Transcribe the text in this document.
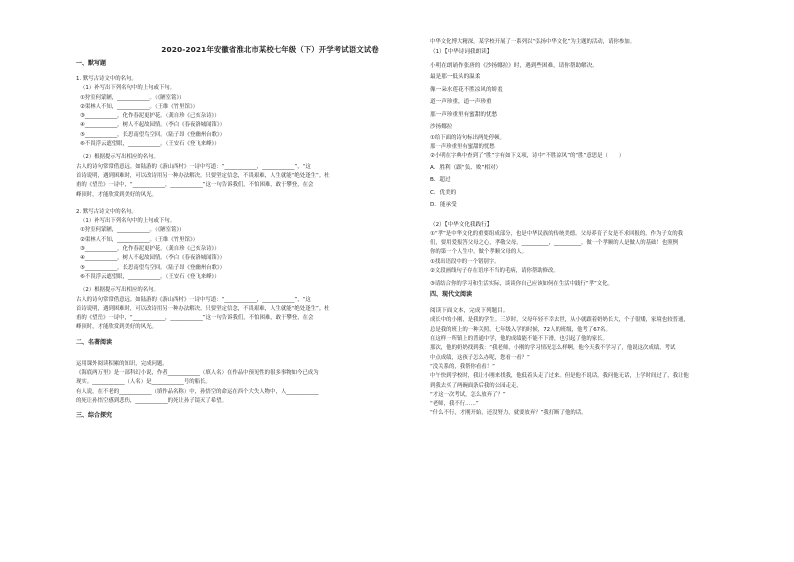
2020-2021年安徽省淮北市某校七年级（下）开学考试语文试卷

一、默写题

1. 默写古诗文中的名句。

（1）补写出下列名句中的上句或下句。

①狩室何蒙陋，____________。（《陋室铭》）

②渠林人不知，____________。（王维《竹里馆》）

③____________，化作春泥更护花。（龚自珍《己亥杂诗》）

④____________，树人不起故园情。（李白《春夜洛城闻笛》）

⑤____________，长思南望鸟空回。（陆子昂《登幽州台歌》）

⑥不畏浮云遮望眼，____________。（王安石《登飞来峰》）

（2）根据提示写出相应的名句。

古人的诗句常常借意远。如陆游的《游山西村》一诗中写道：“____________，____________”，“这

首诗说明，遇到困难时，可以改诗用另一种办法解决。只要坚定信念，不畏艰难，人生就能“绝处逢生”。杜

甫的《望岳》一诗中，“____________，____________”这一句告诉我们，不怕困难，敢于攀登，在会

峰顶时，才能欣赏到美好的风光。

2. 默写古诗文中的名句。

（1）补写出下列名句中的上句或下句。

①狩室何蒙陋，____________。（《陋室铭》）

②渠林人不知，____________。（王维《竹里馆》）

③____________，化作春泥更护花。（龚自珍《己亥杂诗》）

④____________，树人不起故园情。（李白《春夜洛城闻笛》）

⑤____________，长思南望鸟空回。（陆子昂《登幽州台歌》）

⑥不畏浮云遮望眼，____________。（王安石《登飞来峰》）

（2）根据提示写出相应的名句。

古人的诗句常常借意远。如陆游的《游山西村》一诗中写道：“____________，____________”，“这

首诗说明，遇到困难时，可以改诗用另一种办法解决。只要坚定信念，不畏艰难，人生就能“绝处逢生”。杜

甫的《望岳》一诗中，“____________，____________”这一句告诉我们，不怕困难，敢于攀登，在会

峰顶时，才能欣赏到美好的风光。

二、名著阅读

运用课外阅读积累的知识，完成问题。

《海底两万里》是一部科幻小说，作者____________（填人名）在作品中预见性的很多事物如今已成为

现实。____________（人名）是____________号的船长。

有人说，在不老的____________（填作品名称）中，孙悟空的命运在西个大失人物中，人____________

的死让孙悟空感到悲伤，____________的死让孙子镜灭了希望。

三、综合探究

中华文化博大精深，某学校开展了一系列以“弘扬中华文化”为主题的活动，请你参加。

（1）【中华诗词我朗读】

小明在朗诵作张唐的《沙扬娜拉》时，遇到些困难，请你帮助解决。

最是那一低头的温柔

像一朵水莲花不胜凉风的娇羞

道一声珍重，道一声珍重

那一声珍重里有蜜甜的忧愁

沙扬娜拉

①给下面的诗句标出两处停顿。

那一声珍重里有蜜甜的忧愁

②小明在字典中查到了“胜”字有如下义项，诗中“不胜凉风”的“胜”意思是（　　）

A．胜利（跟“负、败”相对）

B．超过

C．优美的

D．能承受

（2）【中华文化我践行】

①“孝”是中华文化的重要组成部分，也是中华民族的传统美德。父母养育子女是不求回报的。作为子女的我

们，要用爱报答父母之心，孝敬父母。__________，__________。做一个孝顺的人是做人的基础！也照例

你的第一个人生中，做个孝顺父母的人。

①找出语段中的一个错别字。

②文段画线句子存在语序不当的毛病，请你帮助修改。

③请结合你的学习和生活实际，谈谈你自己应该如何在生活中践行“孝”文化。

四、现代文阅读

阅读下面文本，完成下列题目。

成长中的小刚，是我的学生。三岁时，父母年轻不幸去世，从小就跟着奶奶长大，个子很矮，家境也较普通，

总是我的班上的一种关照。七年级入学的时候，72人的班级，他考了67名。

在这样一所镇上的普通中学，他的成绩能不能不下滑，也引起了他的家长。

那次，他的奶奶找到我：“我老师，小刚的学习情况怎么样啊，他今天我不学习了，他说这次成绩，考试

中点成绩，这孩子怎么办呢，您看一看？”

“没关系的，我帮你看看！”

中午快到学校时，我让小刚来找我，他低着头走了过来。但是他不说话，我问他无话，上学时间过了，我让他

到我去买了两碗面条后我的公园走走，

“才这一次考试，怎么放弃了？”

“老师，我不行……”

“什么不行，才刚开始，还没努力，就要放弃？”我打断了他的话。
